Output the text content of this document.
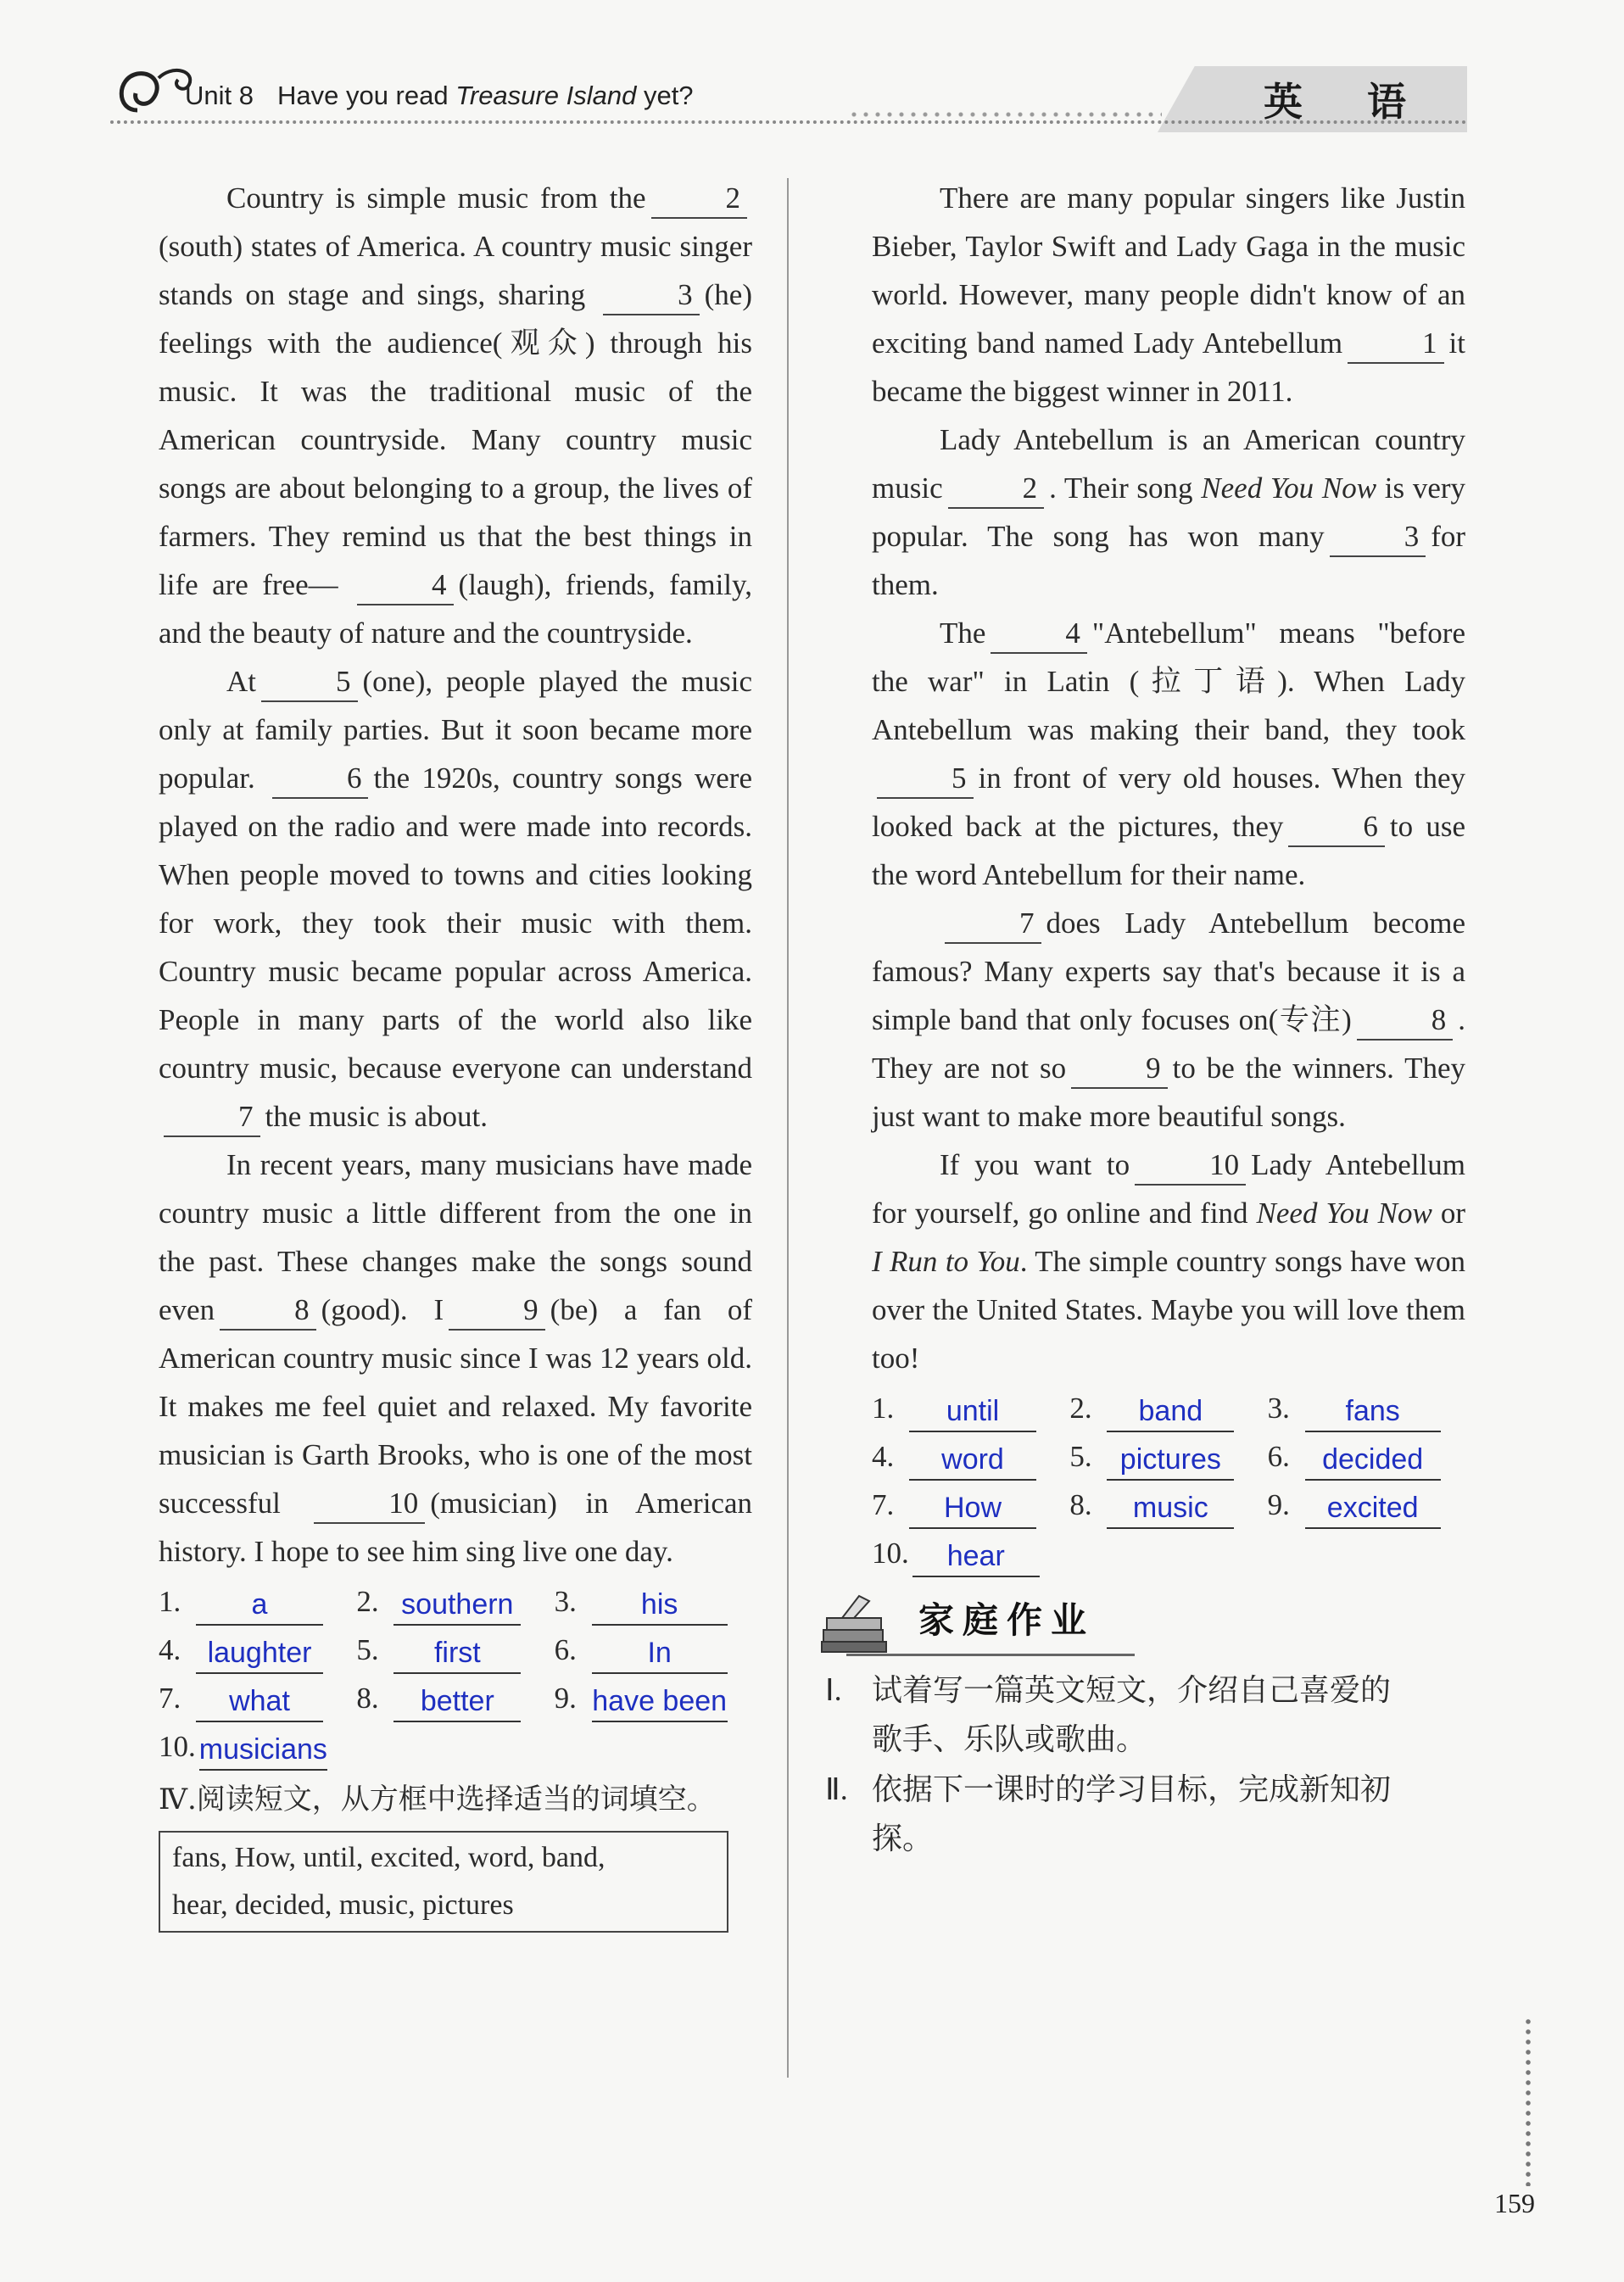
Unit 8 Have you read Treasure Island yet?	英 语

Country is simple music from the	2(south) states of America. A country music singer stands on stage and sings, sharing	3 (he) feelings with the audience(观众) through his music. It was the traditional music of the American countryside. Many country music songs are about belonging to a group, the lives of farmers. They remind us that the best things in life are free—	4 (laugh), friends, family, and the beauty of nature and the countryside.

At	5 (one), people played the music only at family parties. But it soon became more popular.	6 the 1920s, country songs were played on the radio and were made into records. When people moved to towns and cities looking for work, they took their music with them. Country music became popular across America. People in many parts of the world also like country music, because everyone can understand 7 the music is about.

In recent years, many musicians have made country music a little different from the one in the past. These changes make the songs sound even	8 (good). I	9 (be) a fan of American country music since I was 12 years old. It makes me feel quiet and relaxed. My favorite musician is Garth Brooks, who is one of the most successful	10 (musician) in American history. I hope to see him sing live one day.

1.	a	2. southern 3.	his
4. laughter	5.	first	6.	In
7.	what	8.	better	9. have been
10. musicians
Ⅳ.阅读短文，从方框中选择适当的词填空。
fans, How, until, excited, word, band,
hear, decided, music, pictures

There are many popular singers like Justin Bieber, Taylor Swift and Lady Gaga in the music world. However, many people didn't know of an exciting band named Lady Antebellum	1 it became the biggest winner in 2011.

Lady Antebellum is an American country music	2 . Their song Need You Now is very popular. The song has won many	3 for them.

The	4 "Antebellum" means "before the war" in Latin (拉丁语). When Lady Antebellum was making their band, they took 5 in front of very old houses. When they looked back at the pictures, they	6 to use the word Antebellum for their name.

7 does Lady Antebellum become famous? Many experts say that's because it is a simple band that only focuses on(专注)	8 . They are not so	9 to be the winners. They just want to make more beautiful songs.

If you want to	10 Lady Antebellum for yourself, go online and find Need You Now or I Run to You. The simple country songs have won over the United States. Maybe you will love them too!

1.	until	2.	band	3.	fans
4.	word	5. pictures	6.	decided
7.	How	8.	music	9.	excited
10.	hear
家庭作业
Ⅰ. 试着写一篇英文短文，介绍自己喜爱的
歌手、乐队或歌曲。
Ⅱ. 依据下一课时的学习目标，完成新知初
探。
159
